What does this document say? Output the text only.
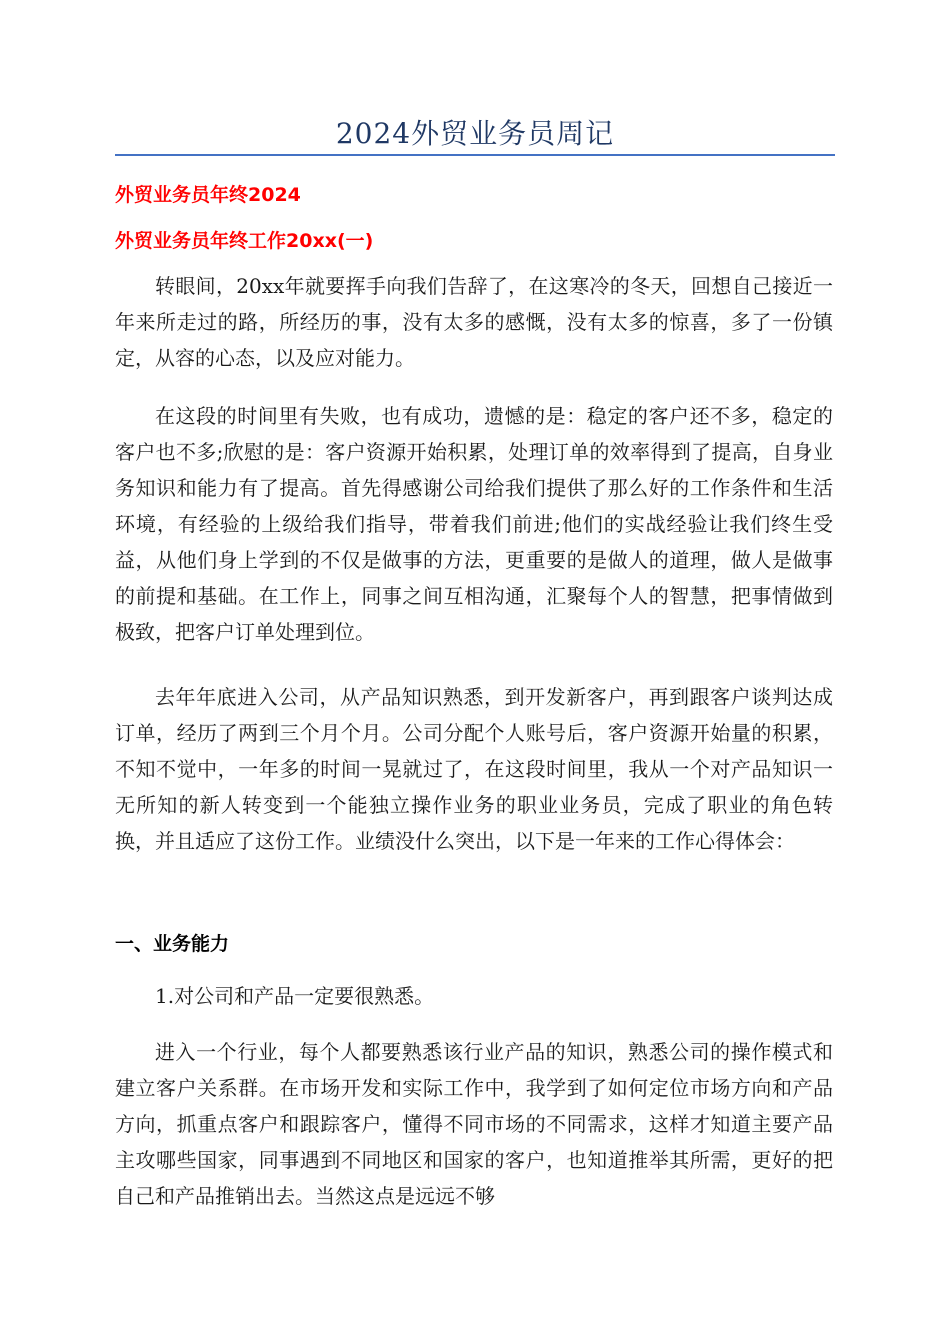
2024外贸业务员周记
外贸业务员年终2024
外贸业务员年终工作20xx(一)

转眼间，20xx年就要挥手向我们告辞了，在这寒冷的冬天，回想自己接近一年来所走过的路，所经历的事，没有太多的感慨，没有太多的惊喜，多了一份镇定，从容的心态，以及应对能力。

在这段的时间里有失败，也有成功，遗憾的是：稳定的客户还不多，稳定的客户也不多;欣慰的是：客户资源开始积累，处理订单的效率得到了提高，自身业务知识和能力有了提高。首先得感谢公司给我们提供了那么好的工作条件和生活环境，有经验的上级给我们指导，带着我们前进;他们的实战经验让我们终生受益，从他们身上学到的不仅是做事的方法，更重要的是做人的道理，做人是做事的前提和基础。在工作上，同事之间互相沟通，汇聚每个人的智慧，把事情做到极致，把客户订单处理到位。

去年年底进入公司，从产品知识熟悉，到开发新客户，再到跟客户谈判达成订单，经历了两到三个月个月。公司分配个人账号后，客户资源开始量的积累，不知不觉中，一年多的时间一晃就过了，在这段时间里，我从一个对产品知识一无所知的新人转变到一个能独立操作业务的职业业务员，完成了职业的角色转换，并且适应了这份工作。业绩没什么突出，以下是一年来的工作心得体会：

一、业务能力

1.对公司和产品一定要很熟悉。

进入一个行业，每个人都要熟悉该行业产品的知识，熟悉公司的操作模式和建立客户关系群。在市场开发和实际工作中，我学到了如何定位市场方向和产品方向，抓重点客户和跟踪客户，懂得不同市场的不同需求，这样才知道主要产品主攻哪些国家，同事遇到不同地区和国家的客户，也知道推举其所需，更好的把自己和产品推销出去。当然这点是远远不够
